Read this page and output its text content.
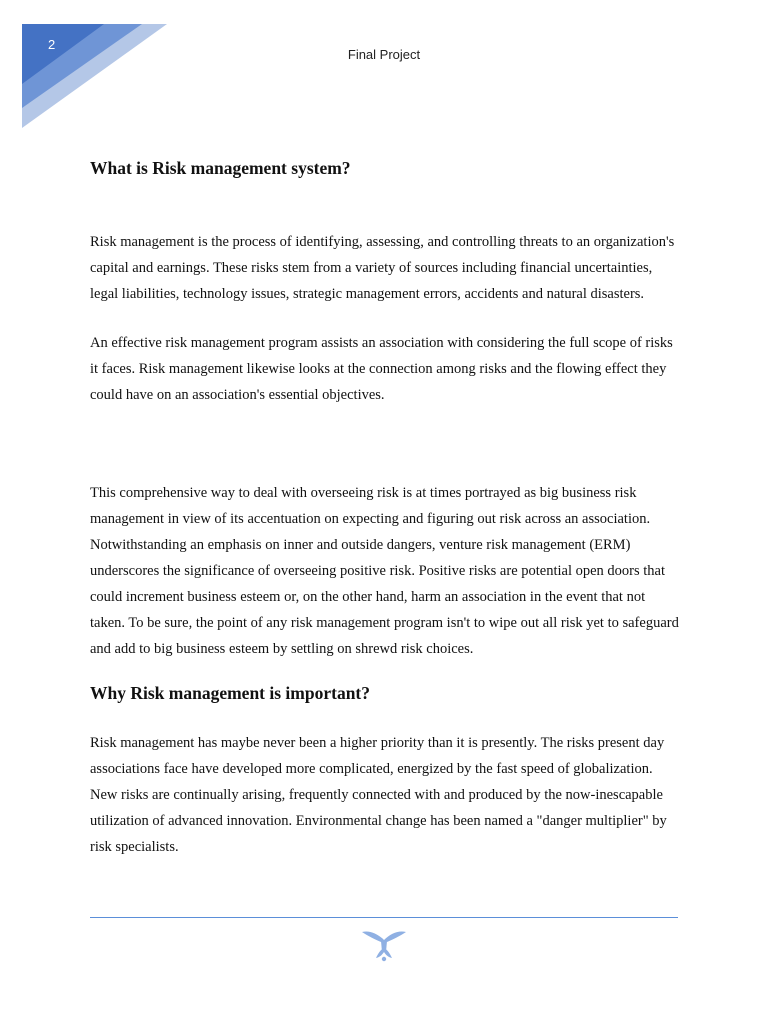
2
Final Project
What is Risk management system?

Risk management is the process of identifying, assessing, and controlling threats to an organization's capital and earnings. These risks stem from a variety of sources including financial uncertainties, legal liabilities, technology issues, strategic management errors, accidents and natural disasters.

An effective risk management program assists an association with considering the full scope of risks it faces. Risk management likewise looks at the connection among risks and the flowing effect they could have on an association's essential objectives.

This comprehensive way to deal with overseeing risk is at times portrayed as big business risk management in view of its accentuation on expecting and figuring out risk across an association. Notwithstanding an emphasis on inner and outside dangers, venture risk management (ERM) underscores the significance of overseeing positive risk. Positive risks are potential open doors that could increment business esteem or, on the other hand, harm an association in the event that not taken. To be sure, the point of any risk management program isn't to wipe out all risk yet to safeguard and add to big business esteem by settling on shrewd risk choices.

Why Risk management is important?

Risk management has maybe never been a higher priority than it is presently. The risks present day associations face have developed more complicated, energized by the fast speed of globalization. New risks are continually arising, frequently connected with and produced by the now-inescapable utilization of advanced innovation. Environmental change has been named a "danger multiplier" by risk specialists.
